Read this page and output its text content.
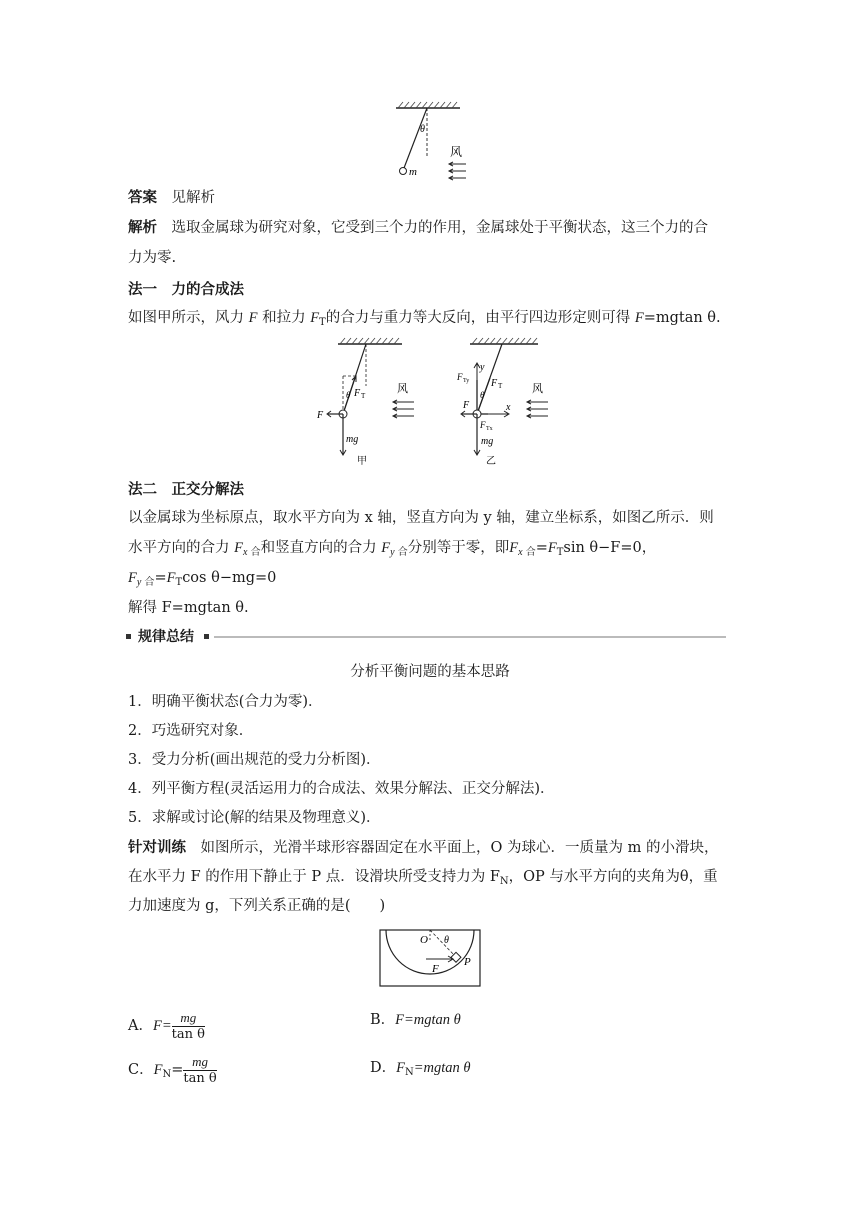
θ
m
风
答案　 见解析
解析　 选取金属球为研究对象，它受到三个力的作用，金属球处于平衡状态，这三个力的合
力为零.
法一　力的合成法
如图甲所示，风力 F 和拉力 $F_T$的合力与重力等大反向，由平行四边形定则可得 F=mgtan θ.
F T
θ
F
mg
风
甲
y
x
F T
θ
F Ty
F Tx
F
mg
风
乙
法二　正交分解法
以金属球为坐标原点，取水平方向为 x 轴，竖直方向为 y 轴，建立坐标系，如图乙所示．则
水平方向的合力 $F_{x 合}$和竖直方向的合力 $F_{y 合}$分别等于零，即$F_{x 合}=F_T\sin$ θ−F=0，
$F_{y 合}=F_T\cos$ θ−mg=0
解得 F=mgtan θ.
规律总结
分析平衡问题的基本思路
1．明确平衡状态(合力为零)．
2．巧选研究对象．
3．受力分析(画出规范的受力分析图)．
4．列平衡方程(灵活运用力的合成法、效果分解法、正交分解法)．
5．求解或讨论(解的结果及物理意义)．
针对训练　 如图所示，光滑半球形容器固定在水平面上，O 为球心．一质量为 m 的小滑块，
在水平力 F 的作用下静止于 P 点．设滑块所受支持力为 $F_N$，OP 与水平方向的夹角为θ，重
力加速度为 g，下列关系正确的是(　　)
O θ
F
P
A．$F= \frac{mg}{\text{tan θ}}$	B．F=mgtan θ
C．$F_N= \frac{mg}{\text{tan θ}}$	D．$F_N=mgtan$ θ
